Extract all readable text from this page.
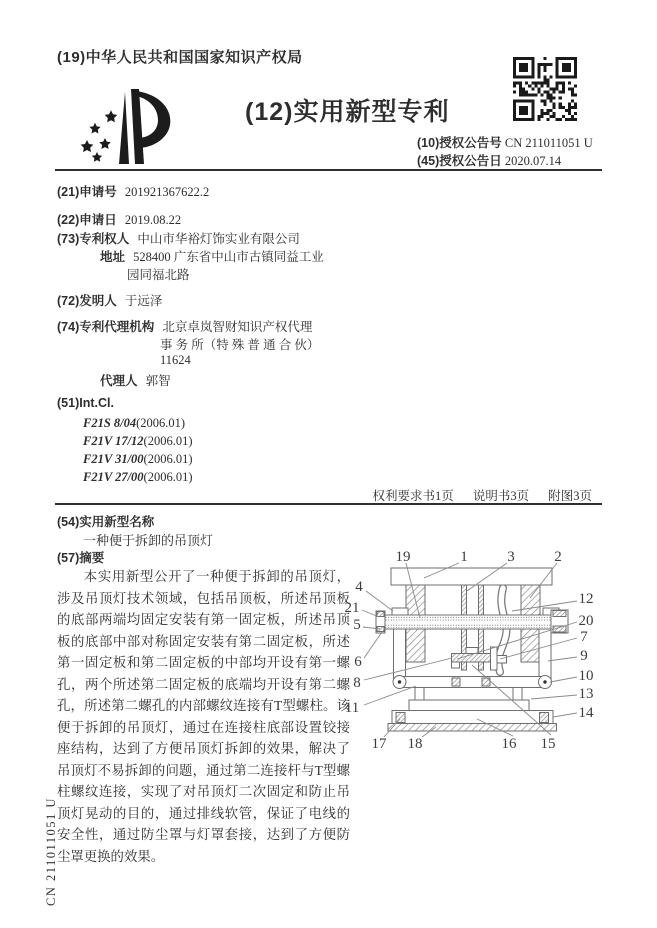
(19)中华人民共和国国家知识产权局
(12)实用新型专利
(10)授权公告号 CN 211011051 U
(45)授权公告日 2020.07.14
(21)申请号 201921367622.2
(22)申请日 2019.08.22
(73)专利权人 中山市华裕灯饰实业有限公司
地址 528400 广东省中山市古镇同益工业
园同福北路
(72)发明人 于远泽
(74)专利代理机构 北京卓岚智财知识产权代理
事 务 所（特 殊 普 通 合 伙）
11624
代理人 郭智
(51)Int.Cl.
F21S 8/04(2006.01)
F21V 17/12(2006.01)
F21V 31/00(2006.01)
F21V 27/00(2006.01)
权利要求书1页 说明书3页 附图3页
(54)实用新型名称
一种便于拆卸的吊顶灯
(57)摘要
本实用新型公开了一种便于拆卸的吊顶灯，涉及吊顶灯技术领域，包括吊顶板，所述吊顶板的底部两端均固定安装有第一固定板，所述吊顶板的底部中部对称固定安装有第二固定板，所述第一固定板和第二固定板的中部均开设有第一螺孔，两个所述第二固定板的底端均开设有第二螺孔，所述第二螺孔的内部螺纹连接有T型螺柱。该便于拆卸的吊顶灯，通过在连接柱底部设置铰接座结构，达到了方便吊顶灯拆卸的效果，解决了吊顶灯不易拆卸的问题，通过第二连接杆与T型螺柱螺纹连接，实现了对吊顶灯二次固定和防止吊顶灯晃动的目的，通过排线软管，保证了电线的安全性，通过防尘罩与灯罩套接，达到了方便防尘罩更换的效果。
1	2
3
4
5
6
7
8
9
10
11
12
13
14
15
16
17 18
19
20
21
CN 211011051 U
